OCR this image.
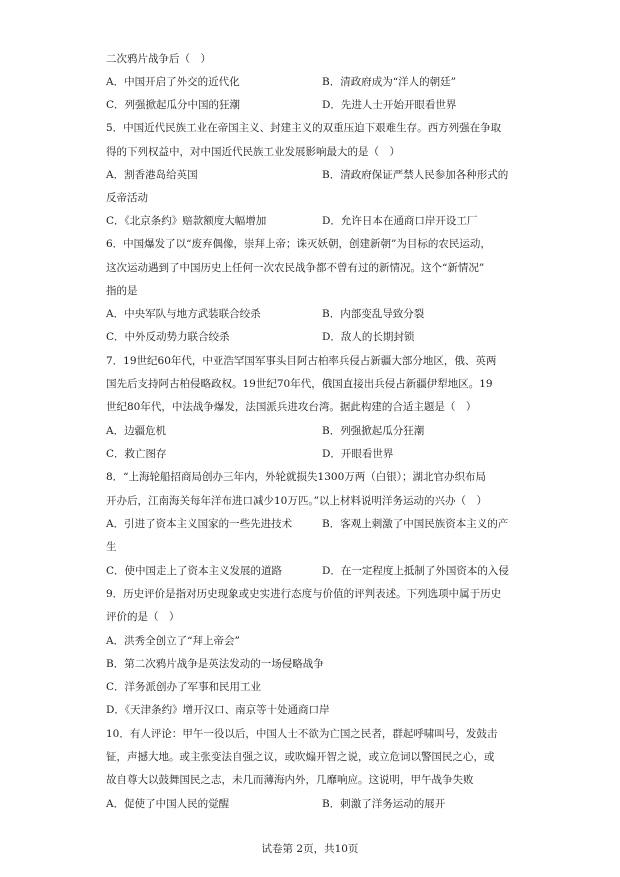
二次鸦片战争后（　）
A．中国开启了外交的近代化	B．清政府成为“洋人的朝廷”
C．列强掀起瓜分中国的狂潮	D．先进人士开始开眼看世界
5．中国近代民族工业在帝国主义、封建主义的双重压迫下艰难生存。西方列强在争取
得的下列权益中，对中国近代民族工业发展影响最大的是（　）
A．割香港岛给英国	B．清政府保证严禁人民参加各种形式的
反帝活动
C．《北京条约》赔款额度大幅增加	D．允许日本在通商口岸开设工厂
6．中国爆发了以“废弃偶像，崇拜上帝；诛灭妖朝，创建新朝”为目标的农民运动，
这次运动遇到了中国历史上任何一次农民战争都不曾有过的新情况。这个“新情况”
指的是
A．中央军队与地方武装联合绞杀	B．内部变乱导致分裂
C．中外反动势力联合绞杀	D．敌人的长期封锁
7．19世纪60年代，中亚浩罕国军事头目阿古柏率兵侵占新疆大部分地区，俄、英两
国先后支持阿古柏侵略政权。19世纪70年代，俄国直接出兵侵占新疆伊犁地区。19
世纪80年代，中法战争爆发，法国派兵进攻台湾。据此构建的合适主题是（　）
A．边疆危机	B．列强掀起瓜分狂潮
C．救亡图存	D．开眼看世界
8．“上海轮船招商局创办三年内，外轮就损失1300万两（白银）；湖北官办织布局
开办后，江南海关每年洋布进口减少10万匹。”以上材料说明洋务运动的兴办（　）
A．引进了资本主义国家的一些先进技术	B．客观上刺激了中国民族资本主义的产
生
C．使中国走上了资本主义发展的道路	D．在一定程度上抵制了外国资本的入侵
9．历史评价是指对历史现象或史实进行态度与价值的评判表述。下列选项中属于历史
评价的是（　）
A．洪秀全创立了“拜上帝会”
B．第二次鸦片战争是英法发动的一场侵略战争
C．洋务派创办了军事和民用工业
D．《天津条约》增开汉口、南京等十处通商口岸
10．有人评论：甲午一役以后，中国人士不欲为亡国之民者，群起呼啸叫号，发鼓击
钲，声撼大地。或主张变法自强之议，或吹煽开智之说，或立危词以警国民之心，或
故自尊大以鼓舞国民之志，未几而薄海内外，几靡响应。这说明，甲午战争失败
A．促使了中国人民的觉醒	B．刺激了洋务运动的展开
试卷第 2页，共10页
